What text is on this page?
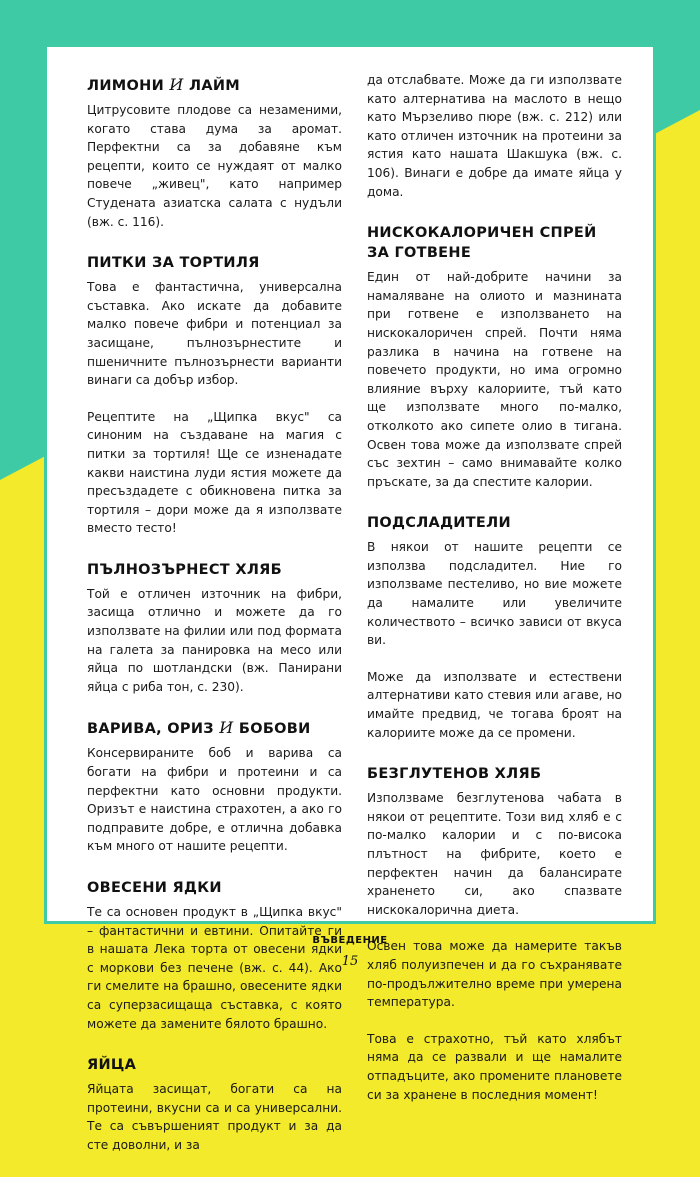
ЛИМОНИ И ЛАЙМ

Цитрусовите плодове са незаменими, когато става дума за аромат. Перфектни са за добавяне към рецепти, които се нуждаят от малко повече „живец", като например Студената азиатска салата с нудъли (вж. с. 116).

ПИТКИ ЗА ТОРТИЛЯ

Това е фантастична, универсална съставка. Ако искате да добавите малко повече фибри и потенциал за засищане, пълнозърнестите и пшеничните пълнозърнести варианти винаги са добър избор.

Рецептите на „Щипка вкус" са синоним на създаване на магия с питки за тортиля! Ще се изненадате какви наистина луди ястия можете да пресъздадете с обикновена питка за тортиля – дори може да я използвате вместо тесто!

ПЪЛНОЗЪРНЕСТ ХЛЯБ

Той е отличен източник на фибри, засища отлично и можете да го използвате на филии или под формата на галета за панировка на месо или яйца по шотландски (вж. Панирани яйца с риба тон, с. 230).

ВАРИВА, ОРИЗ И БОБОВИ

Консервираните боб и варива са богати на фибри и протеини и са перфектни като основни продукти. Оризът е наистина страхотен, а ако го подправите добре, е отлична добавка към много от нашите рецепти.

ОВЕСЕНИ ЯДКИ

Те са основен продукт в „Щипка вкус" – фантастични и евтини. Опитайте ги в нашата Лека торта от овесени ядки с моркови без печене (вж. с. 44). Ако ги смелите на брашно, овесените ядки са суперзасищаща съставка, с която можете да замените бялото брашно.

ЯЙЦА

Яйцата засищат, богати са на протеини, вкусни са и са универсални. Те са съвършеният продукт и за да сте доволни, и за

да отслабвате. Може да ги използвате като алтернатива на маслото в нещо като Мързеливо пюре (вж. с. 212) или като отличен източник на протеини за ястия като нашата Шакшука (вж. с. 106). Винаги е добре да имате яйца у дома.

НИСКОКАЛОРИЧЕН СПРЕЙ ЗА ГОТВЕНЕ

Един от най-добрите начини за намаляване на олиото и мазнината при готвене е използването на нискокалоричен спрей. Почти няма разлика в начина на готвене на повечето продукти, но има огромно влияние върху калориите, тъй като ще използвате много по-малко, отколкото ако сипете олио в тигана. Освен това може да използвате спрей със зехтин – само внимавайте колко пръскате, за да спестите калории.

ПОДСЛАДИТЕЛИ

В някои от нашите рецепти се използва подсладител. Ние го използваме пестеливо, но вие можете да намалите или увеличите количеството – всичко зависи от вкуса ви.

Може да използвате и естествени алтернативи като стевия или агаве, но имайте предвид, че тогава броят на калориите може да се промени.

БЕЗГЛУТЕНОВ ХЛЯБ

Използваме безглутенова чабата в някои от рецептите. Този вид хляб е с по-малко калории и с по-висока плътност на фибрите, което е перфектен начин да балансирате храненето си, ако спазвате нискокалорична диета.

Освен това може да намерите такъв хляб полуизпечен и да го съхранявате по-продължително време при умерена температура.

Това е страхотно, тъй като хлябът няма да се развали и ще намалите отпадъците, ако промените плановете си за хранене в последния момент!

ВЪВЕДЕНИЕ
15
